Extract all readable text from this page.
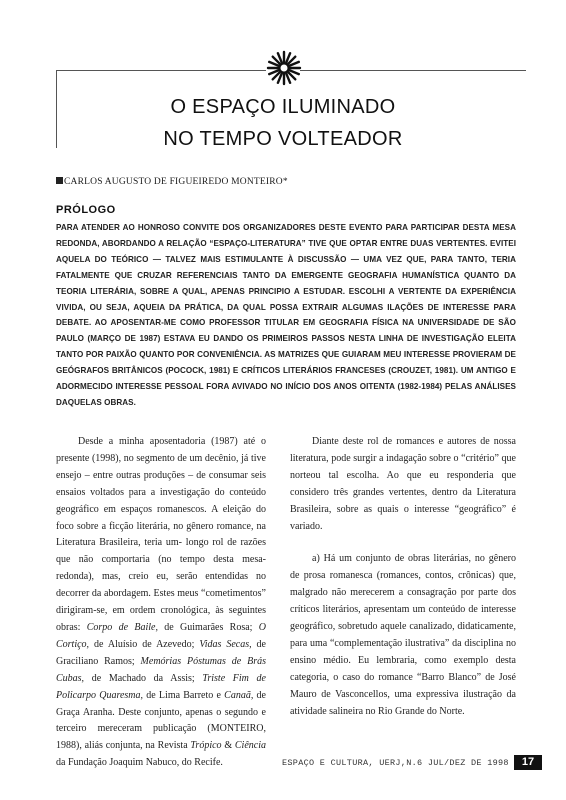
O ESPAÇO ILUMINADO
NO TEMPO VOLTEADOR
CARLOS AUGUSTO DE FIGUEIREDO MONTEIRO*
PRÓLOGO
PARA ATENDER AO HONROSO CONVITE DOS ORGANIZADORES DESTE EVENTO PARA PARTICIPAR DESTA MESA REDONDA, ABORDANDO A RELAÇÃO “ESPAÇO-LITERATURA” TIVE QUE OPTAR ENTRE DUAS VERTENTES. EVITEI AQUELA DO TEÓRICO — TALVEZ MAIS ESTIMULANTE À DISCUSSÃO — UMA VEZ QUE, PARA TANTO, TERIA FATALMENTE QUE CRUZAR REFERENCIAIS TANTO DA EMERGENTE GEOGRAFIA HUMANÍSTICA QUANTO DA TEORIA LITERÁRIA, SOBRE A QUAL, APENAS PRINCIPIO A ESTUDAR. ESCOLHI A VERTENTE DA EXPERIÊNCIA VIVIDA, OU SEJA, AQUEIA DA PRÁTICA, DA QUAL POSSA EXTRAIR ALGUMAS ILAÇÕES DE INTERESSE PARA DEBATE. AO APOSENTAR-ME COMO PROFESSOR TITULAR EM GEOGRAFIA FÍSICA NA UNIVERSIDADE DE SÃO PAULO (MARÇO DE 1987) ESTAVA EU DANDO OS PRIMEIROS PASSOS NESTA LINHA DE INVESTIGAÇÃO ELEITA TANTO POR PAIXÃO QUANTO POR CONVENIÊNCIA. AS MATRIZES QUE GUIARAM MEU INTERESSE PROVIERAM DE GEÓGRAFOS BRITÂNICOS (POCOCK, 1981) E CRÍTICOS LITERÁRIOS FRANCESES (CROUZET, 1981). UM ANTIGO E ADORMECIDO INTERESSE PESSOAL FORA AVIVADO NO INÍCIO DOS ANOS OITENTA (1982-1984) PELAS ANÁLISES DAQUELAS OBRAS.

Desde a minha aposentadoria (1987) até o presente (1998), no segmento de um decênio, já tive ensejo – entre outras produções – de consumar seis ensaios voltados para a investigação do conteúdo geográfico em espaços romanescos. A eleição do foco sobre a ficção literária, no gênero romance, na Literatura Brasileira, teria um- longo rol de razões que não comportaria (no tempo desta mesa-redonda), mas, creio eu, serão entendidas no decorrer da abordagem. Estes meus “cometimentos” dirigiram-se, em ordem cronológica, às seguintes obras: Corpo de Baile, de Guimarães Rosa; O Cortiço, de Aluísio de Azevedo; Vidas Secas, de Graciliano Ramos; Memórias Póstumas de Brás Cubas, de Machado da Assis; Triste Fim de Policarpo Quaresma, de Lima Barreto e Canaã, de Graça Aranha. Deste conjunto, apenas o segundo e terceiro mereceram publicação (MONTEIRO, 1988), aliás conjunta, na Revista Trópico & Ciência da Fundação Joaquim Nabuco, do Recife.

Diante deste rol de romances e autores de nossa literatura, pode surgir a indagação sobre o “critério” que norteou tal escolha. Ao que eu responderia que considero três grandes vertentes, dentro da Literatura Brasileira, sobre as quais o interesse “geográfico” é variado.

a) Há um conjunto de obras literárias, no gênero de prosa romanesca (romances, contos, crônicas) que, malgrado não merecerem a consagração por parte dos críticos literários, apresentam um conteúdo de interesse geográfico, sobretudo aquele canalizado, didaticamente, para uma “complementação ilustrativa” da disciplina no ensino médio. Eu lembraria, como exemplo desta categoria, o caso do romance “Barro Blanco” de José Mauro de Vasconcellos, uma expressiva ilustração da atividade salineira no Rio Grande do Norte.

ESPAÇO E CULTURA, UERJ,N.6 JUL/DEZ DE 1998	17
